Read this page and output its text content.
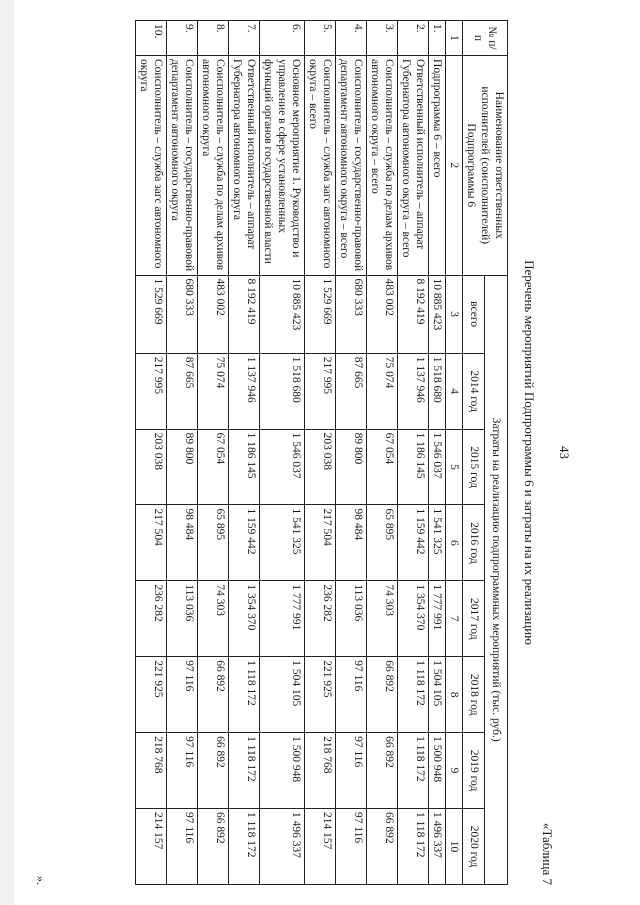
43
«Таблица 7
Перечень мероприятий Подпрограммы 6 и затраты на их реализацию
№ п/п	Наименование ответственных исполнителей (соисполнителей)
Подпрограммы 6	Затраты на реализацию подпрограммных мероприятий (тыс. руб.)							
		всего	2014 год	2015 год	2016 год	2017 год	2018 год	2019 год	2020 год
1	2	3	4	5	6	7	8	9	10
1.	Подпрограмма 6 – всего	10 885 423	1 518 680	1 546 037	1 541 325	1 777 991	1 504 105	1 500 948	1 496 337
2.	Ответственный исполнитель – аппарат Губернатора автономного округа – всего	8 192 419	1 137 946	1 186 145	1 159 442	1 354 370	1 118 172	1 118 172	1 118 172
3.	Соисполнитель – служба по делам архивов автономного округа – всего	483 002	75 074	67 054	65 895	74 303	66 892	66 892	66 892
4.	Соисполнитель – государственно-правовой департамент автономного округа – всего	680 333	87 665	89 800	98 484	113 036	97 116	97 116	97 116
5.	Соисполнитель – служба загс автономного округа – всего	1 529 669	217 995	203 038	217 504	236 282	221 925	218 768	214 157
6.	Основное мероприятие 1. Руководство и управление в сфере установленных функций органов государственной власти	10 885 423	1 518 680	1 546 037	1 541 325	1 777 991	1 504 105	1 500 948	1 496 337
7.	Ответственный исполнитель – аппарат Губернатора автономного округа	8 192 419	1 137 946	1 186 145	1 159 442	1 354 370	1 118 172	1 118 172	1 118 172
8.	Соисполнитель – служба по делам архивов автономного округа	483 002	75 074	67 054	65 895	74 303	66 892	66 892	66 892
9.	Соисполнитель – государственно-правовой департамент автономного округа	680 333	87 665	89 800	98 484	113 036	97 116	97 116	97 116
10.	Соисполнитель – служба загс автономного округа	1 529 669	217 995	203 038	217 504	236 282	221 925	218 768	214 157
».
